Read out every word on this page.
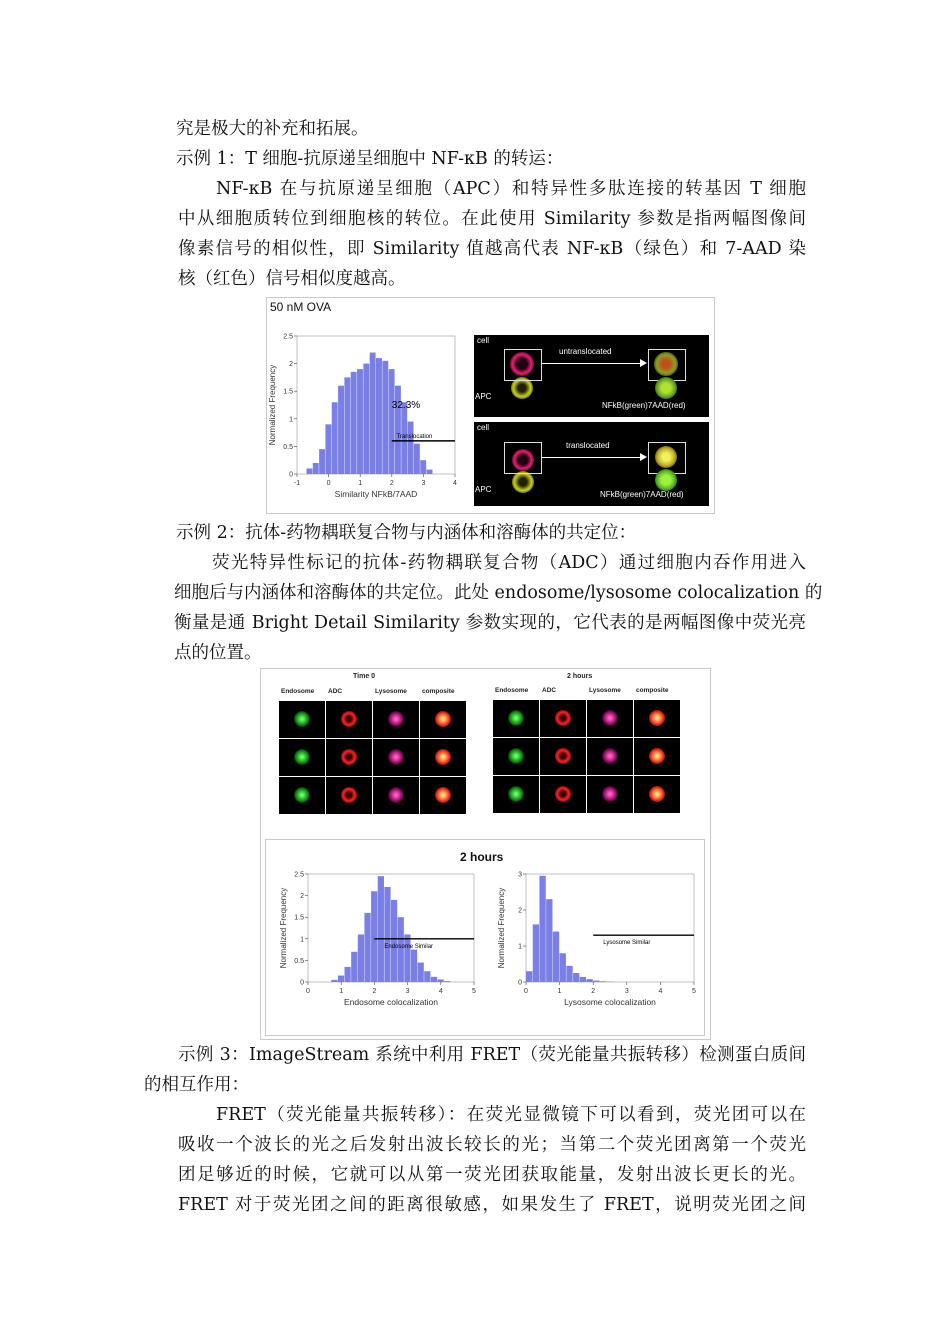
究是极大的补充和拓展。
示例 1：T 细胞-抗原递呈细胞中 NF-κB 的转运：
NF-κB 在与抗原递呈细胞（APC）和特异性多肽连接的转基因 T 细胞
中从细胞质转位到细胞核的转位。在此使用 Similarity 参数是指两幅图像间
像素信号的相似性，即 Similarity 值越高代表 NF-κB（绿色）和 7-AAD 染
核（红色）信号相似度越高。
50 nM OVA
-1	0	1	2	3	4
0
0.5
1
1.5
2
2.5
Similarity NFkB/7AAD
Normalized Frequency	Translocation
32.3%
cell
APC
untranslocated
NFkB(green)7AAD(red)
cell
APC
translocated
NFkB(green)7AAD(red)
示例 2：抗体-药物耦联复合物与内涵体和溶酶体的共定位：
荧光特异性标记的抗体-药物耦联复合物（ADC）通过细胞内吞作用进入
细胞后与内涵体和溶酶体的共定位。此处 endosome/lysosome colocalization 的
衡量是通 Bright Detail Similarity 参数实现的，它代表的是两幅图像中荧光亮
点的位置。
Time 0	2 hours
Endosome ADC	Lysosome composite	Endosome ADC	Lysosome composite
2 hours
0	1	2	3	4	5
0
0.5
1
1.5
2
2.5
Endosome colocalization
Normalized Frequency	Endosome Similar
0	1	2	3	4	5
0
1
2
3
Lysosome colocalization
Normalized Frequency	Lysosome Similar
示例 3：ImageStream 系统中利用 FRET（荧光能量共振转移）检测蛋白质间
的相互作用：
FRET（荧光能量共振转移）：在荧光显微镜下可以看到，荧光团可以在
吸收一个波长的光之后发射出波长较长的光；当第二个荧光团离第一个荧光
团足够近的时候，它就可以从第一荧光团获取能量，发射出波长更长的光。
FRET 对于荧光团之间的距离很敏感，如果发生了 FRET，说明荧光团之间
